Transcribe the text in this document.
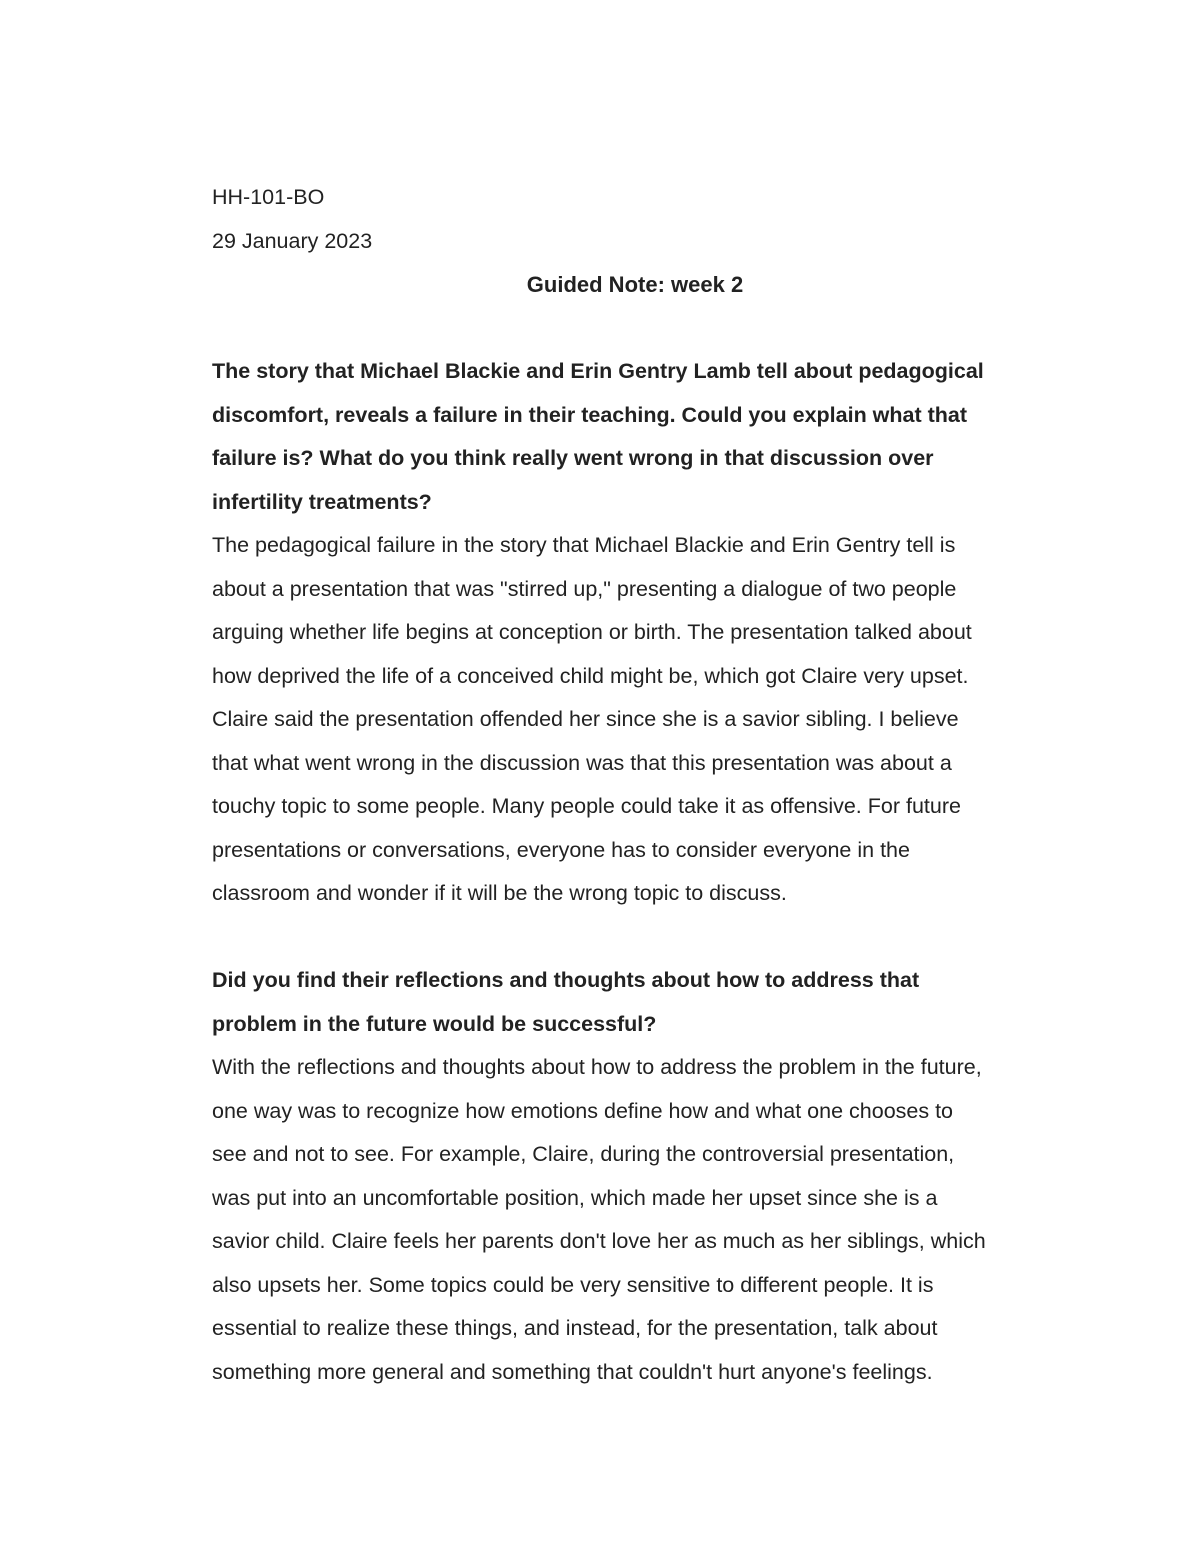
HH-101-BO

29 January 2023

Guided Note: week 2

The story that Michael Blackie and Erin Gentry Lamb tell about pedagogical

discomfort, reveals a failure in their teaching. Could you explain what that

failure is? What do you think really went wrong in that discussion over

infertility treatments?

The pedagogical failure in the story that Michael Blackie and Erin Gentry tell is

about a presentation that was "stirred up," presenting a dialogue of two people

arguing whether life begins at conception or birth. The presentation talked about

how deprived the life of a conceived child might be, which got Claire very upset.

Claire said the presentation offended her since she is a savior sibling. I believe

that what went wrong in the discussion was that this presentation was about a

touchy topic to some people. Many people could take it as offensive. For future

presentations or conversations, everyone has to consider everyone in the

classroom and wonder if it will be the wrong topic to discuss.

Did you find their reflections and thoughts about how to address that

problem in the future would be successful?

With the reflections and thoughts about how to address the problem in the future,

one way was to recognize how emotions define how and what one chooses to

see and not to see. For example, Claire, during the controversial presentation,

was put into an uncomfortable position, which made her upset since she is a

savior child. Claire feels her parents don't love her as much as her siblings, which

also upsets her. Some topics could be very sensitive to different people. It is

essential to realize these things, and instead, for the presentation, talk about

something more general and something that couldn't hurt anyone's feelings.
